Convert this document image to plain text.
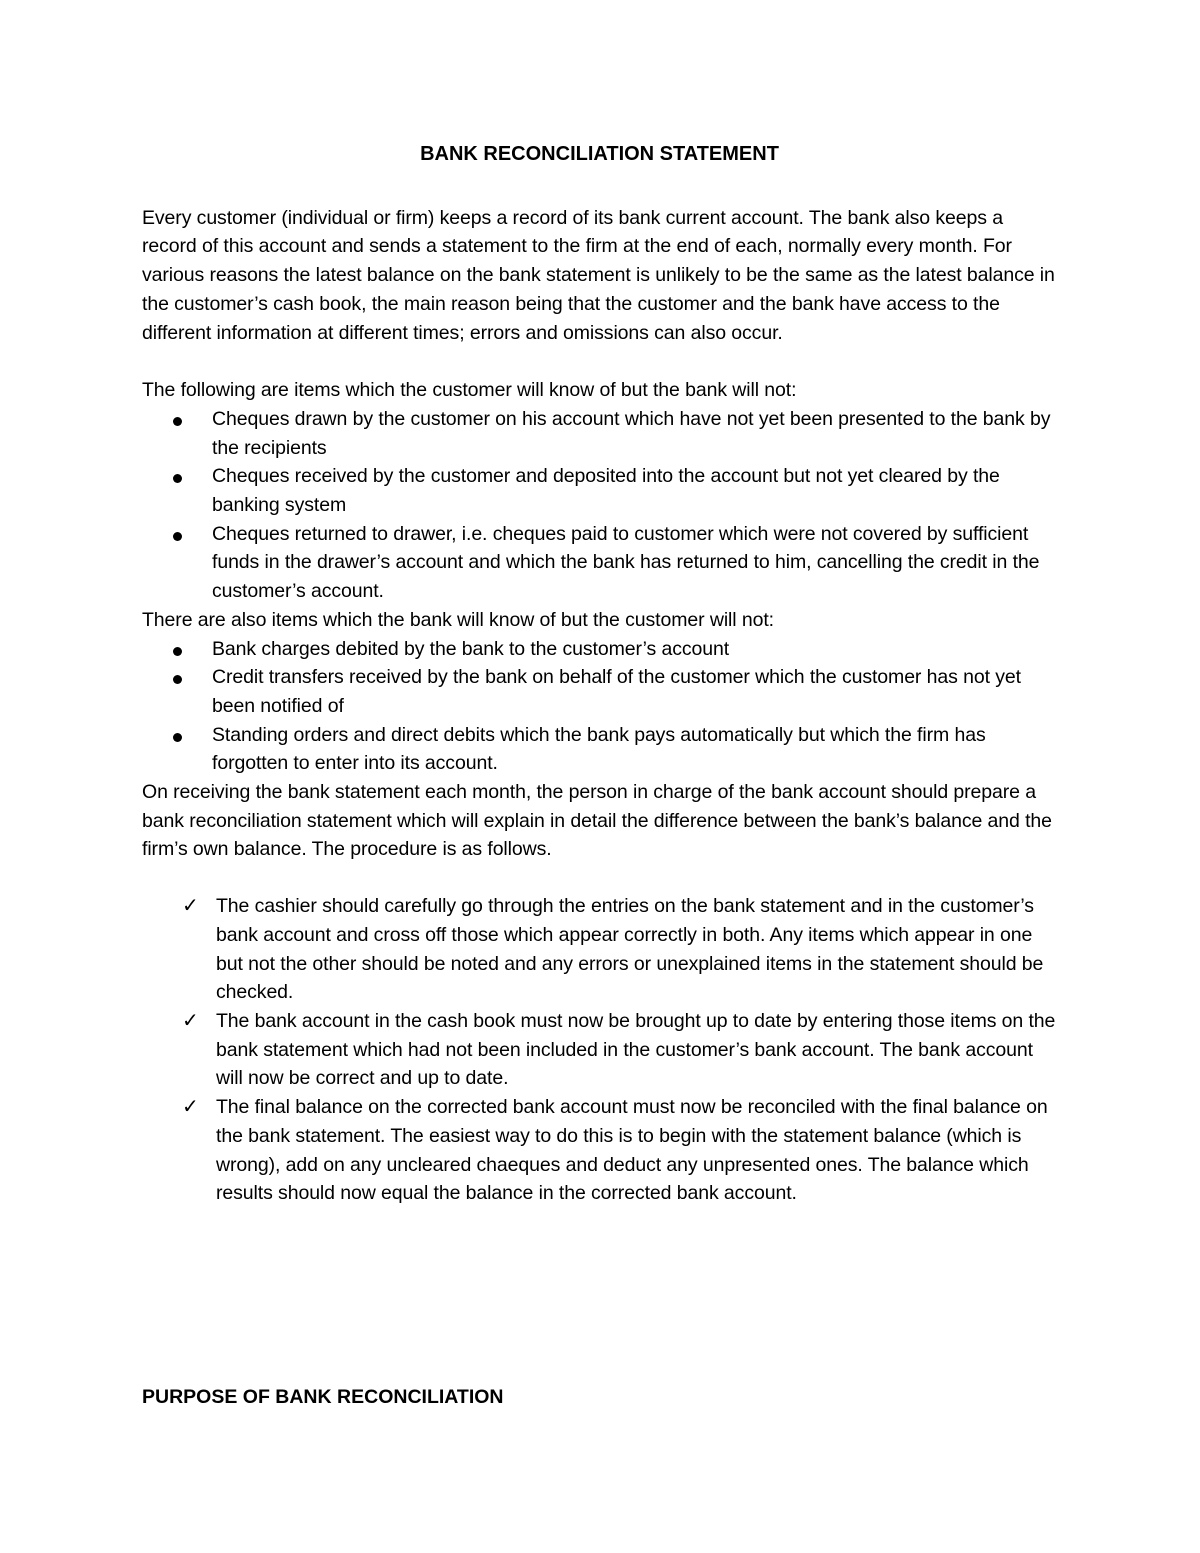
BANK RECONCILIATION STATEMENT

Every customer (individual or firm) keeps a record of its bank current account. The bank also keeps a record of this account and sends a statement to the firm at the end of each, normally every month. For various reasons the latest balance on the bank statement is unlikely to be the same as the latest balance in the customer’s cash book, the main reason being that the customer and the bank have access to the different information at different times; errors and omissions can also occur.

The following are items which the customer will know of but the bank will not:

Cheques drawn by the customer on his account which have not yet been presented to the bank by the recipients
Cheques received by the customer and deposited into the account but not yet cleared by the banking system
Cheques returned to drawer, i.e. cheques paid to customer which were not covered by sufficient funds in the drawer’s account and which the bank has returned to him, cancelling the credit in the customer’s account.

There are also items which the bank will know of but the customer will not:

Bank charges debited by the bank to the customer’s account
Credit transfers received by the bank on behalf of the customer which the customer has not yet been notified of
Standing orders and direct debits which the bank pays automatically but which the firm has forgotten to enter into its account.

On receiving the bank statement each month, the person in charge of the bank account should prepare a bank reconciliation statement which will explain in detail the difference between the bank’s balance and the firm’s own balance. The procedure is as follows.

✓ The cashier should carefully go through the entries on the bank statement and in the customer’s bank account and cross off those which appear correctly in both. Any items which appear in one but not the other should be noted and any errors or unexplained items in the statement should be checked.
✓ The bank account in the cash book must now be brought up to date by entering those items on the bank statement which had not been included in the customer’s bank account. The bank account will now be correct and up to date.
✓ The final balance on the corrected bank account must now be reconciled with the final balance on the bank statement. The easiest way to do this is to begin with the statement balance (which is wrong), add on any uncleared chaeques and deduct any unpresented ones. The balance which results should now equal the balance in the corrected bank account.
PURPOSE OF BANK RECONCILIATION
